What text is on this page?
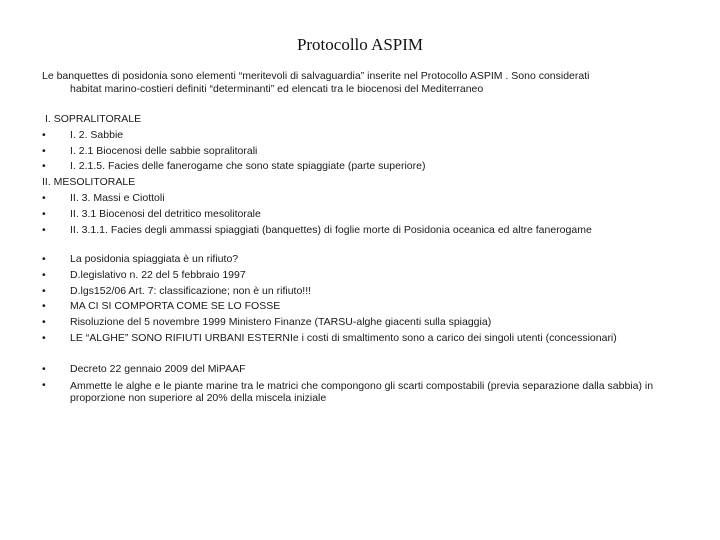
Protocollo ASPIM
Le banquettes di posidonia sono elementi “meritevoli di salvaguardia” inserite nel Protocollo ASPIM . Sono considerati
habitat marino-costieri definiti “determinanti” ed elencati tra le biocenosi del Mediterraneo
I. SOPRALITORALE
•	I. 2. Sabbie
•	I. 2.1 Biocenosi delle sabbie sopralitorali
•	I. 2.1.5. Facies delle fanerogame che sono state spiaggiate (parte superiore)
II. MESOLITORALE
•	II. 3. Massi e Ciottoli
•	II. 3.1 Biocenosi del detritico mesolitorale
•	II. 3.1.1. Facies degli ammassi spiaggiati (banquettes) di foglie morte di Posidonia oceanica ed altre fanerogame
•	La posidonia spiaggiata è un rifiuto?
•	D.legislativo n. 22 del 5 febbraio 1997
•	D.lgs152/06 Art. 7: classificazione; non è un rifiuto!!!
•	MA CI SI COMPORTA COME SE LO FOSSE
•	Risoluzione del 5 novembre 1999 Ministero Finanze (TARSU-alghe giacenti sulla spiaggia)
•	LE “ALGHE” SONO RIFIUTI URBANI ESTERNIe i costi di smaltimento sono a carico dei singoli utenti (concessionari)
•	Decreto 22 gennaio 2009 del MiPAAF
•	Ammette le alghe e le piante marine tra le matrici che compongono gli scarti compostabili (previa separazione dalla sabbia) in proporzione non superiore al 20% della miscela iniziale
